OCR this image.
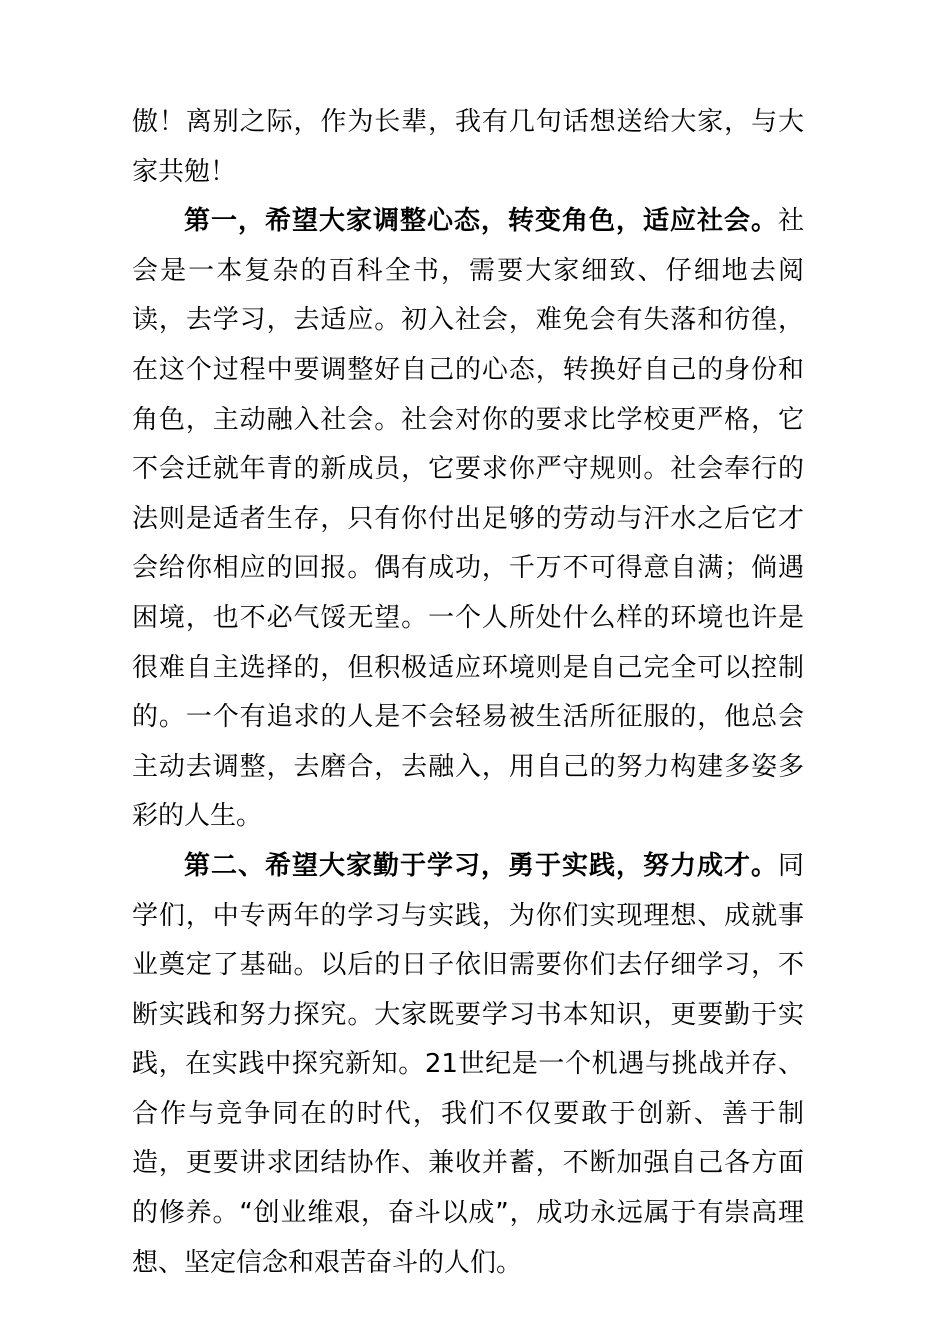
傲！离别之际，作为长辈，我有几句话想送给大家，与大家共勉！

第一，希望大家调整心态，转变角色，适应社会。社会是一本复杂的百科全书，需要大家细致、仔细地去阅读，去学习，去适应。初入社会，难免会有失落和彷徨，在这个过程中要调整好自己的心态，转换好自己的身份和角色，主动融入社会。社会对你的要求比学校更严格，它不会迁就年青的新成员，它要求你严守规则。社会奉行的法则是适者生存，只有你付出足够的劳动与汗水之后它才会给你相应的回报。偶有成功，千万不可得意自满；倘遇困境，也不必气馁无望。一个人所处什么样的环境也许是很难自主选择的，但积极适应环境则是自己完全可以控制的。一个有追求的人是不会轻易被生活所征服的，他总会主动去调整，去磨合，去融入，用自己的努力构建多姿多彩的人生。

第二、希望大家勤于学习，勇于实践，努力成才。同学们，中专两年的学习与实践，为你们实现理想、成就事业奠定了基础。以后的日子依旧需要你们去仔细学习，不断实践和努力探究。大家既要学习书本知识，更要勤于实践，在实践中探究新知。21世纪是一个机遇与挑战并存、合作与竞争同在的时代，我们不仅要敢于创新、善于制造，更要讲求团结协作、兼收并蓄，不断加强自己各方面的修养。“创业维艰，奋斗以成”，成功永远属于有崇高理想、坚定信念和艰苦奋斗的人们。
